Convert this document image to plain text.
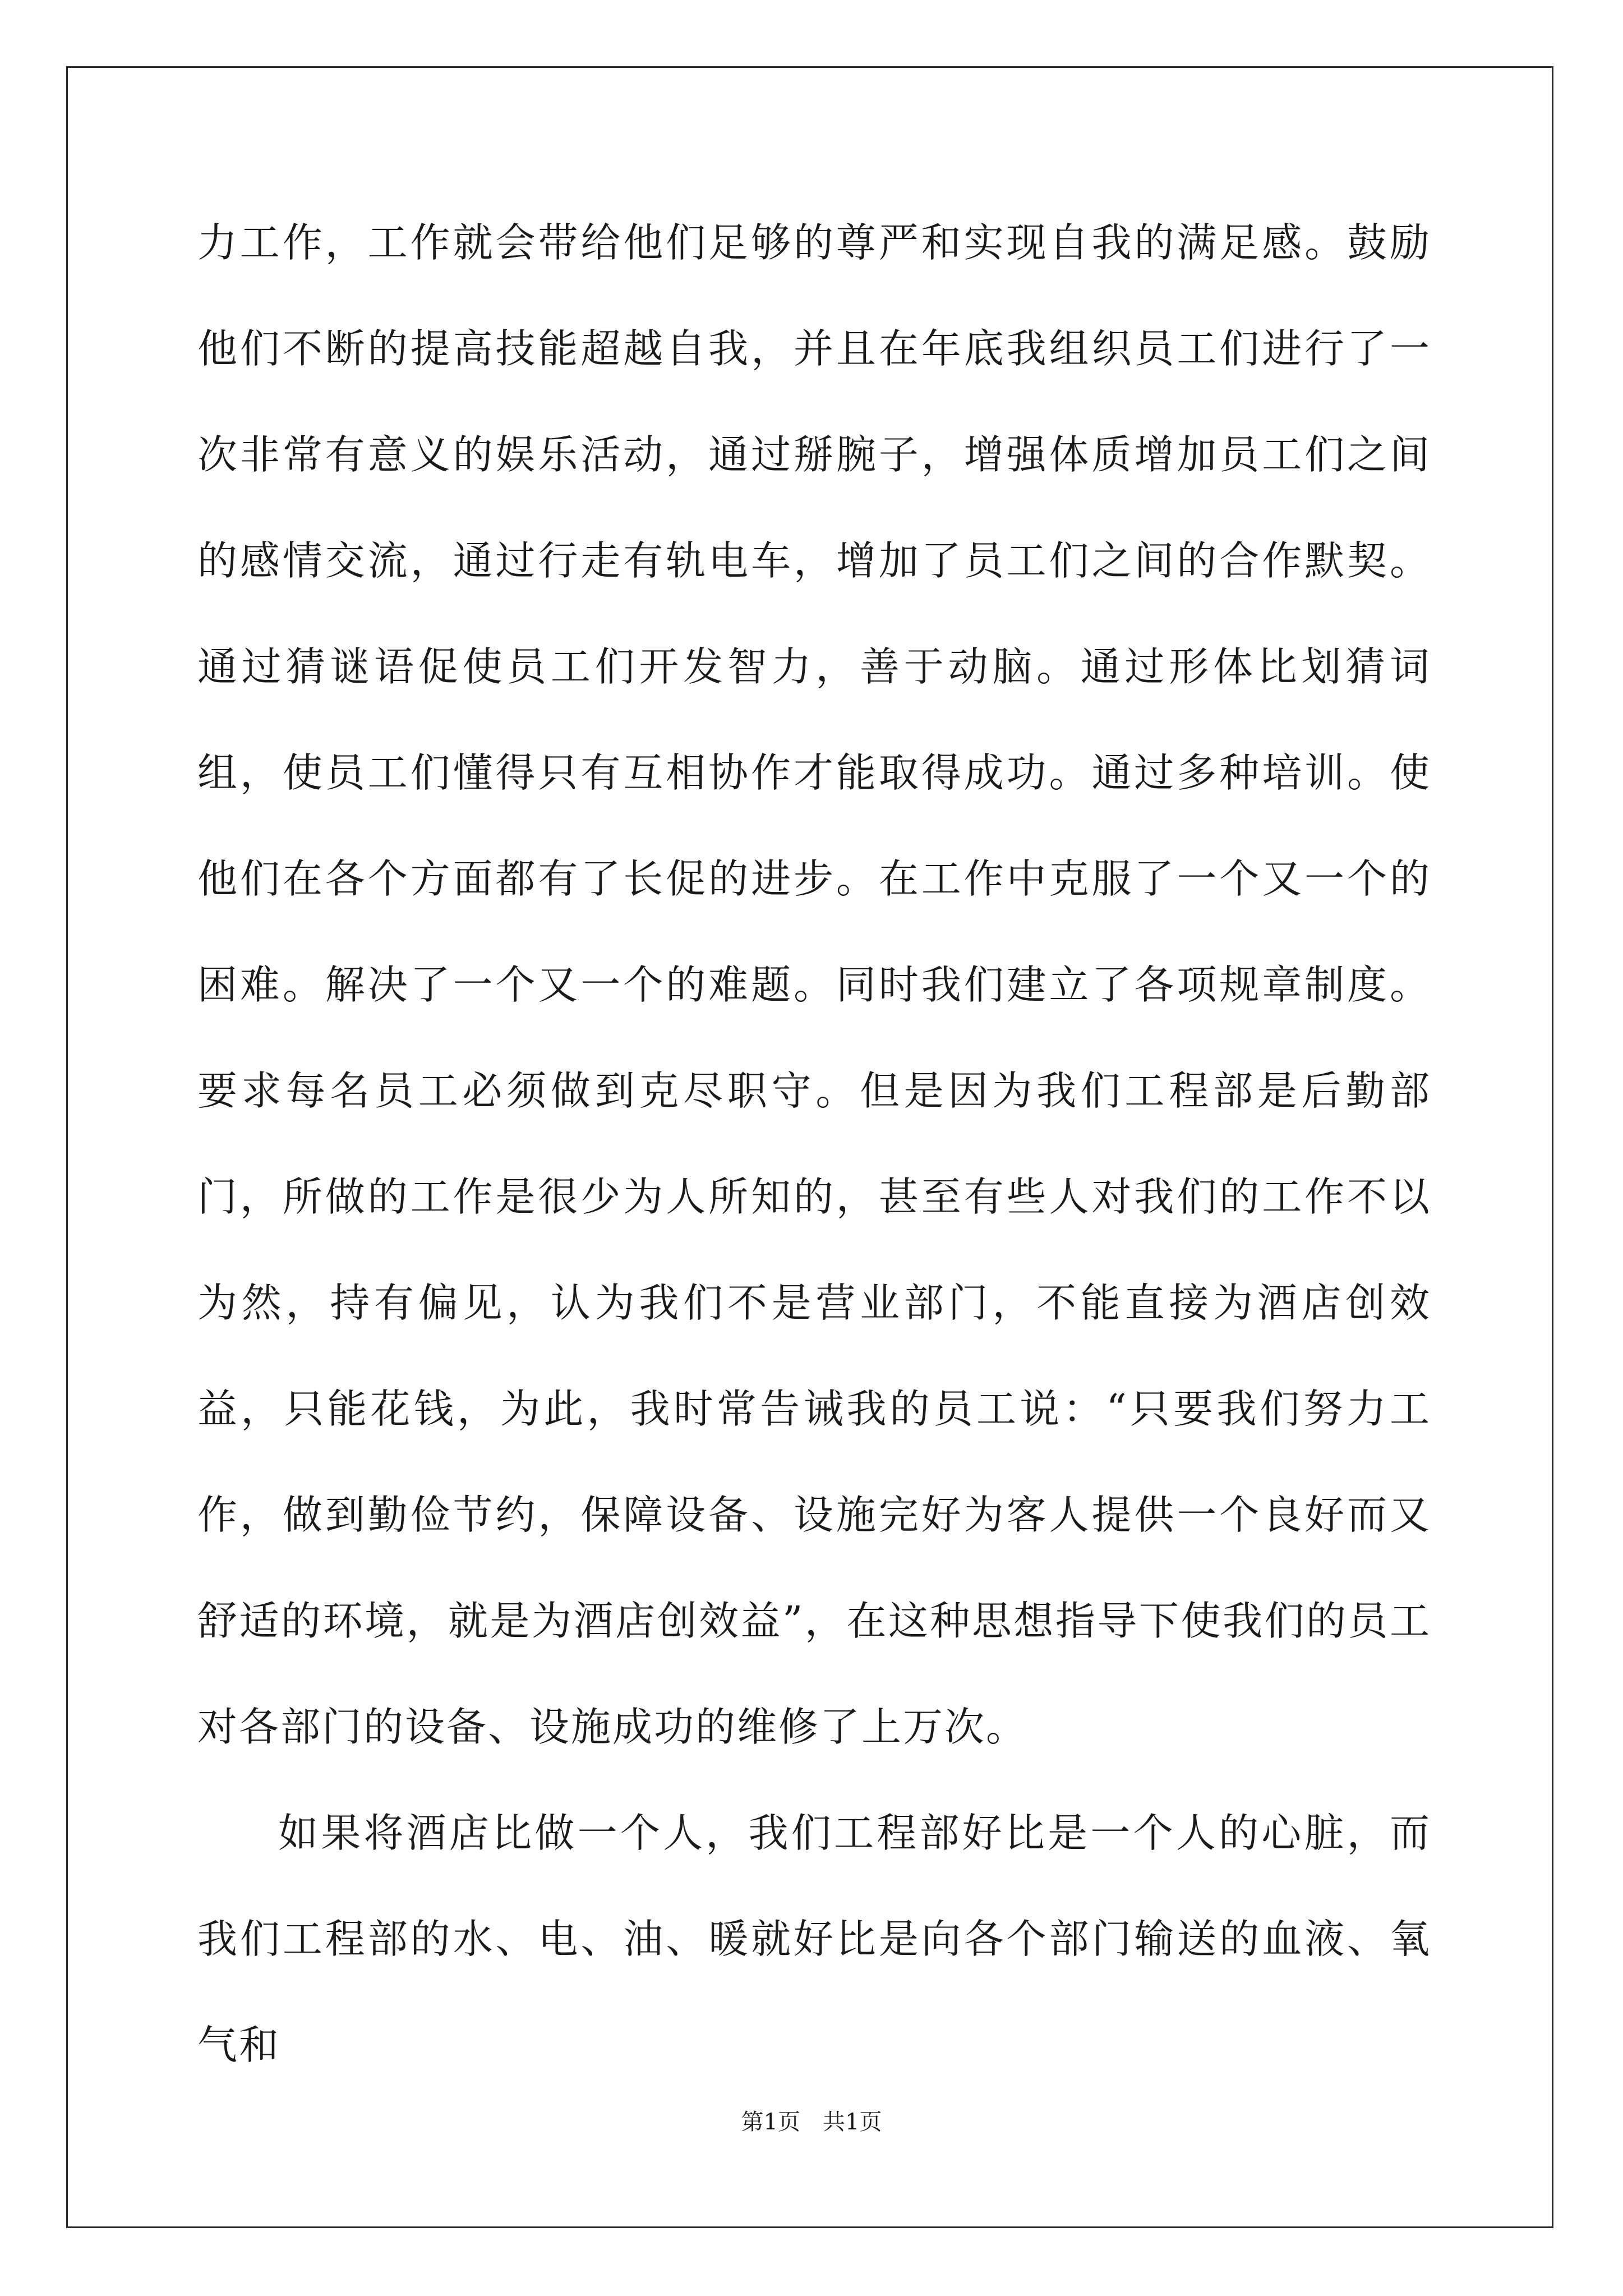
力工作，工作就会带给他们足够的尊严和实现自我的满足感。鼓励他们不断的提高技能超越自我，并且在年底我组织员工们进行了一次非常有意义的娱乐活动，通过掰腕子，增强体质增加员工们之间的感情交流，通过行走有轨电车，增加了员工们之间的合作默契。通过猜谜语促使员工们开发智力，善于动脑。通过形体比划猜词组，使员工们懂得只有互相协作才能取得成功。通过多种培训。使他们在各个方面都有了长促的进步。在工作中克服了一个又一个的困难。解决了一个又一个的难题。同时我们建立了各项规章制度。要求每名员工必须做到克尽职守。但是因为我们工程部是后勤部门，所做的工作是很少为人所知的，甚至有些人对我们的工作不以为然，持有偏见，认为我们不是营业部门，不能直接为酒店创效益，只能花钱，为此，我时常告诫我的员工说：“只要我们努力工作，做到勤俭节约，保障设备、设施完好为客人提供一个良好而又舒适的环境，就是为酒店创效益”，在这种思想指导下使我们的员工对各部门的设备、设施成功的维修了上万次。

如果将酒店比做一个人，我们工程部好比是一个人的心脏，而我们工程部的水、电、油、暖就好比是向各个部门输送的血液、氧气和

第1页　共1页
